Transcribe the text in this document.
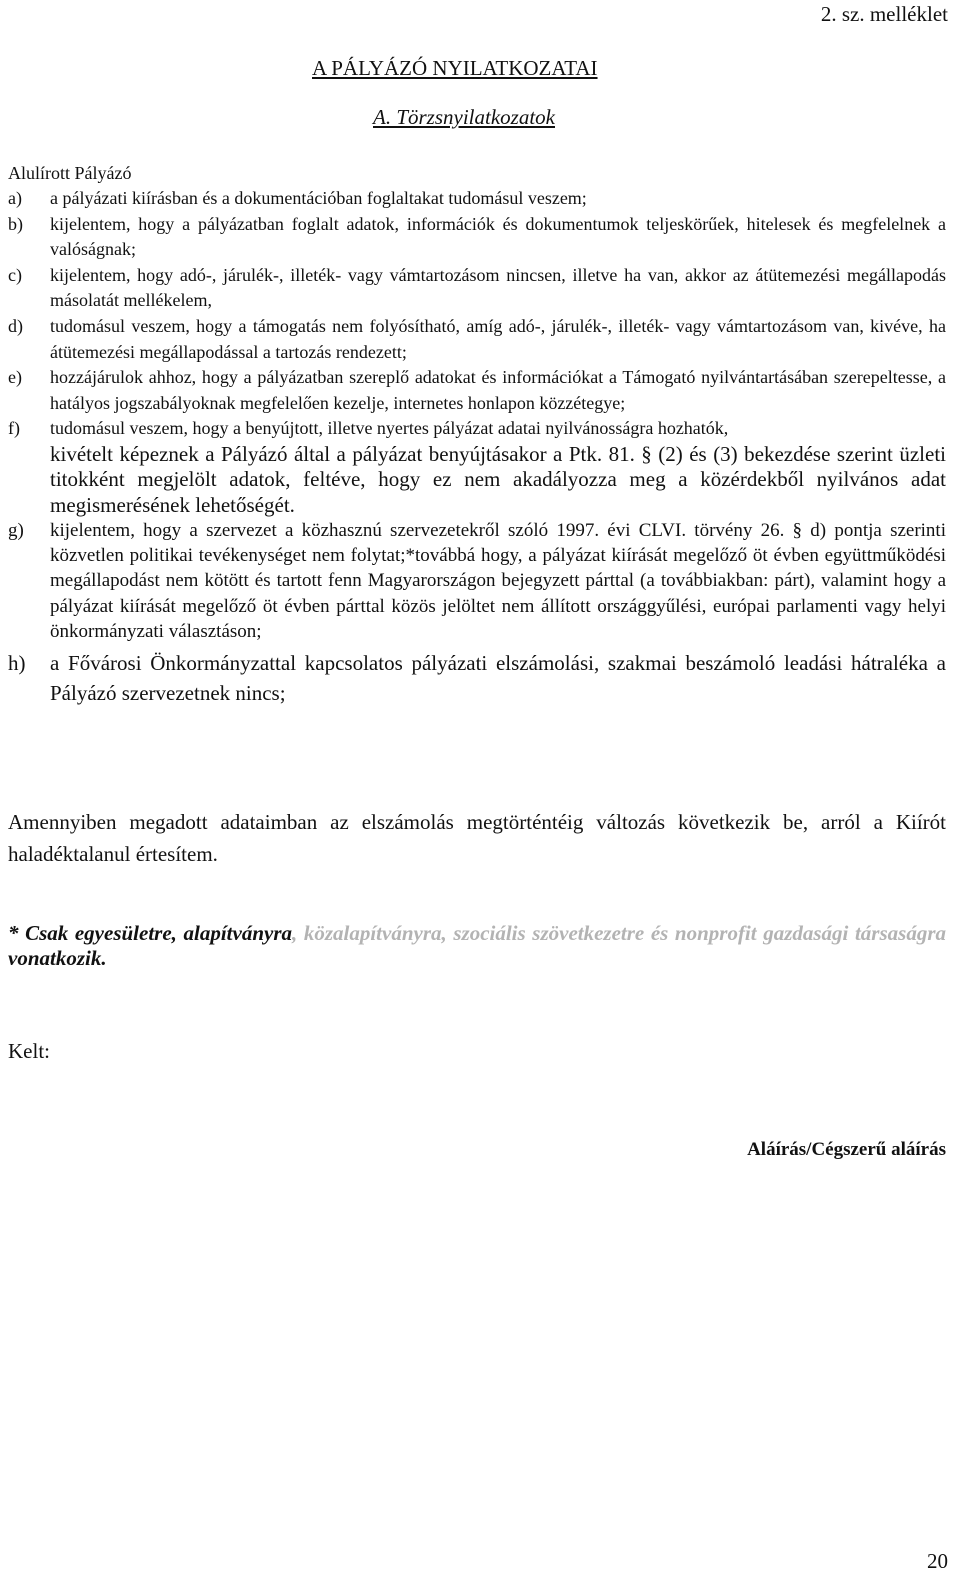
2. sz. melléklet
A PÁLYÁZÓ NYILATKOZATAI
A. Törzsnyilatkozatok

Alulírott Pályázó

a)	a pályázati kiírásban és a dokumentációban foglaltakat tudomásul veszem;
b)	kijelentem, hogy a pályázatban foglalt adatok, információk és dokumentumok teljeskörűek, hitelesek és megfelelnek a valóságnak;
c)	kijelentem, hogy adó-, járulék-, illeték- vagy vámtartozásom nincsen, illetve ha van, akkor az átütemezési megállapodás másolatát mellékelem,
d)	tudomásul veszem, hogy a támogatás nem folyósítható, amíg adó-, járulék-, illeték- vagy vámtartozásom van, kivéve, ha átütemezési megállapodással a tartozás rendezett;
e)	hozzájárulok ahhoz, hogy a pályázatban szereplő adatokat és információkat a Támogató nyilvántartásában szerepeltesse, a hatályos jogszabályoknak megfelelően kezelje, internetes honlapon közzétegye;
f)	tudomásul veszem, hogy a benyújtott, illetve nyertes pályázat adatai nyilvánosságra hozhatók,
kivételt képeznek a Pályázó által a pályázat benyújtásakor a Ptk. 81. § (2) és (3) bekezdése szerint üzleti titokként megjelölt adatok, feltéve, hogy ez nem akadályozza meg a közérdekből nyilvános adat megismerésének lehetőségét.
g)	kijelentem, hogy a szervezet a közhasznú szervezetekről szóló 1997. évi CLVI. törvény 26. § d) pontja szerinti közvetlen politikai tevékenységet nem folytat;*továbbá hogy, a pályázat kiírását megelőző öt évben együttműködési megállapodást nem kötött és tartott fenn Magyarországon bejegyzett párttal (a továbbiakban: párt), valamint hogy a pályázat kiírását megelőző öt évben párttal közös jelöltet nem állított országgyűlési, európai parlamenti vagy helyi önkormányzati választáson;
h)	a Fővárosi Önkormányzattal kapcsolatos pályázati elszámolási, szakmai beszámoló leadási hátraléka a Pályázó szervezetnek nincs;

Amennyiben megadott adataimban az elszámolás megtörténtéig változás következik be, arról a Kiírót haladéktalanul értesítem.

* Csak egyesületre, alapítványra, közalapítványra, szociális szövetkezetre és nonprofit gazdasági társaságra vonatkozik.

Kelt:
Aláírás/Cégszerű aláírás
20
